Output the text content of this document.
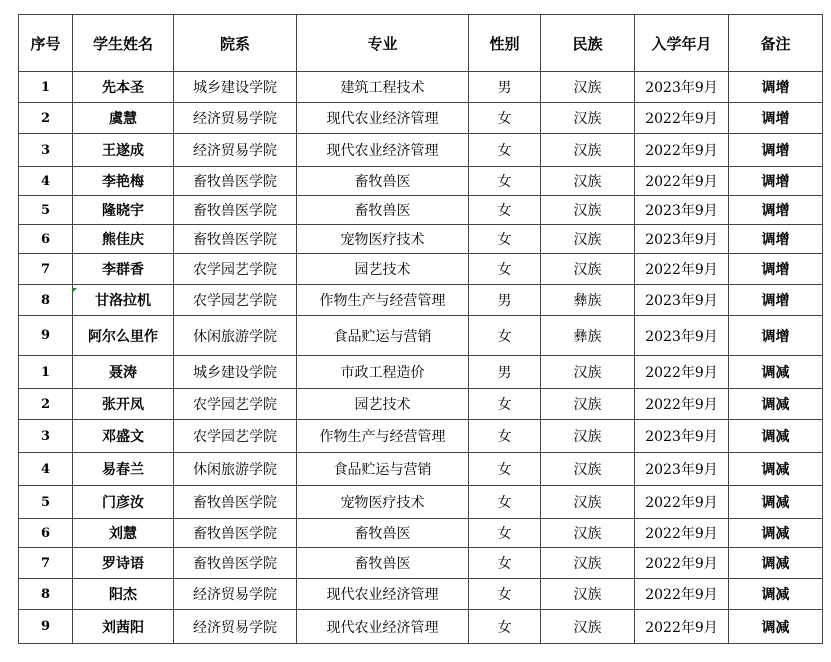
序号	学生姓名	院系	专业	性别	民族	入学年月	备注
1	先本圣	城乡建设学院	建筑工程技术	男	汉族	2023年9月	调增
2	虞慧	经济贸易学院	现代农业经济管理	女	汉族	2022年9月	调增
3	王遂成	经济贸易学院	现代农业经济管理	女	汉族	2022年9月	调增
4	李艳梅	畜牧兽医学院	畜牧兽医	女	汉族	2022年9月	调增
5	隆晓宇	畜牧兽医学院	畜牧兽医	女	汉族	2023年9月	调增
6	熊佳庆	畜牧兽医学院	宠物医疗技术	女	汉族	2023年9月	调增
7	李群香	农学园艺学院	园艺技术	女	汉族	2022年9月	调增
8	甘洛拉机	农学园艺学院	作物生产与经营管理	男	彝族	2023年9月	调增
9	阿尔么里作	休闲旅游学院	食品贮运与营销	女	彝族	2023年9月	调增
1	聂涛	城乡建设学院	市政工程造价	男	汉族	2022年9月	调减
2	张开凤	农学园艺学院	园艺技术	女	汉族	2022年9月	调减
3	邓盛文	农学园艺学院	作物生产与经营管理	女	汉族	2023年9月	调减
4	易春兰	休闲旅游学院	食品贮运与营销	女	汉族	2023年9月	调减
5	门彦汝	畜牧兽医学院	宠物医疗技术	女	汉族	2022年9月	调减
6	刘慧	畜牧兽医学院	畜牧兽医	女	汉族	2022年9月	调减
7	罗诗语	畜牧兽医学院	畜牧兽医	女	汉族	2022年9月	调减
8	阳杰	经济贸易学院	现代农业经济管理	女	汉族	2022年9月	调减
9	刘茜阳	经济贸易学院	现代农业经济管理	女	汉族	2022年9月	调减
